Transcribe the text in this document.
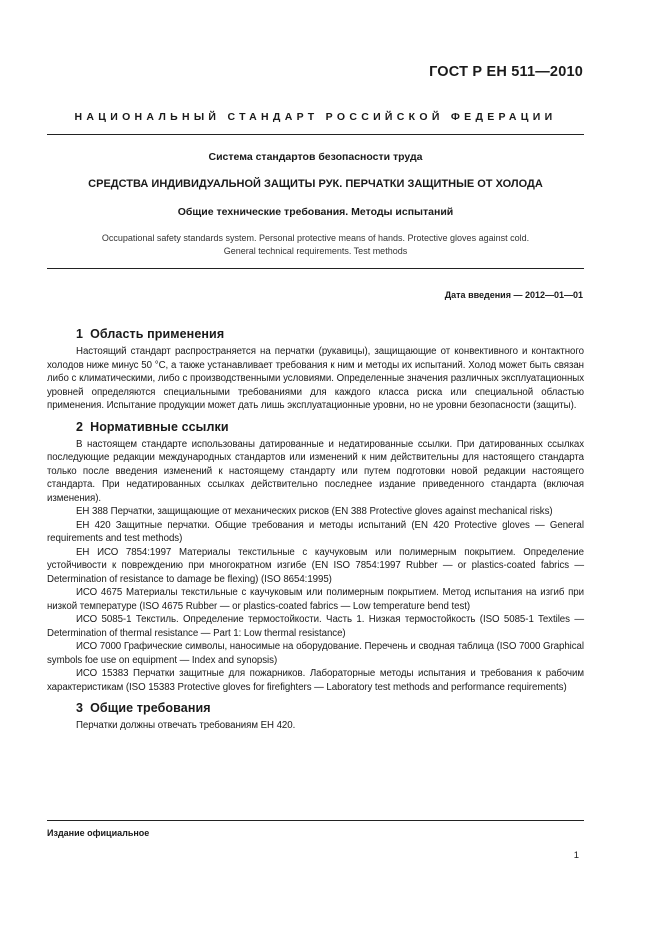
ГОСТ Р ЕН 511—2010
НАЦИОНАЛЬНЫЙ СТАНДАРТ РОССИЙСКОЙ ФЕДЕРАЦИИ
Система стандартов безопасности труда
СРЕДСТВА ИНДИВИДУАЛЬНОЙ ЗАЩИТЫ РУК. ПЕРЧАТКИ ЗАЩИТНЫЕ ОТ ХОЛОДА
Общие технические требования. Методы испытаний
Occupational safety standards system. Personal protective means of hands. Protective gloves against cold.
General technical requirements. Test methods
Дата введения — 2012—01—01
1 Область применения

Настоящий стандарт распространяется на перчатки (рукавицы), защищающие от конвективного и контактного холодов ниже минус 50 °С, а также устанавливает требования к ним и методы их испытаний. Холод может быть связан либо с климатическими, либо с производственными условиями. Определенные значения различных эксплуатационных уровней определяются специальными требованиями для каждого класса риска или специальной областью применения. Испытание продукции может дать лишь эксплуатационные уровни, но не уровни безопасности (защиты).

2 Нормативные ссылки

В настоящем стандарте использованы датированные и недатированные ссылки. При датированных ссылках последующие редакции международных стандартов или изменений к ним действительны для настоящего стандарта только после введения изменений к настоящему стандарту или путем подготовки новой редакции настоящего стандарта. При недатированных ссылках действительно последнее издание приведенного стандарта (включая изменения).

ЕН 388 Перчатки, защищающие от механических рисков (EN 388 Protective gloves against mechanical risks)

ЕН 420 Защитные перчатки. Общие требования и методы испытаний (EN 420 Protective gloves — General requirements and test methods)

ЕН ИСО 7854:1997 Материалы текстильные с каучуковым или полимерным покрытием. Определение устойчивости к повреждению при многократном изгибе (EN ISO 7854:1997 Rubber — or plastics-coated fabrics — Determination of resistance to damage be flexing) (ISO 8654:1995)

ИСО 4675 Материалы текстильные с каучуковым или полимерным покрытием. Метод испытания на изгиб при низкой температуре (ISO 4675 Rubber — or plastics-coated fabrics — Low temperature bend test)

ИСО 5085-1 Текстиль. Определение термостойкости. Часть 1. Низкая термостойкость (ISO 5085-1 Textiles — Determination of thermal resistance — Part 1: Low thermal resistance)

ИСО 7000 Графические символы, наносимые на оборудование. Перечень и сводная таблица (ISO 7000 Graphical symbols foe use on equipment — Index and synopsis)

ИСО 15383 Перчатки защитные для пожарников. Лабораторные методы испытания и требования к рабочим характеристикам (ISO 15383 Protective gloves for firefighters — Laboratory test methods and performance requirements)

3 Общие требования

Перчатки должны отвечать требованиям ЕН 420.

Издание официальное
1
